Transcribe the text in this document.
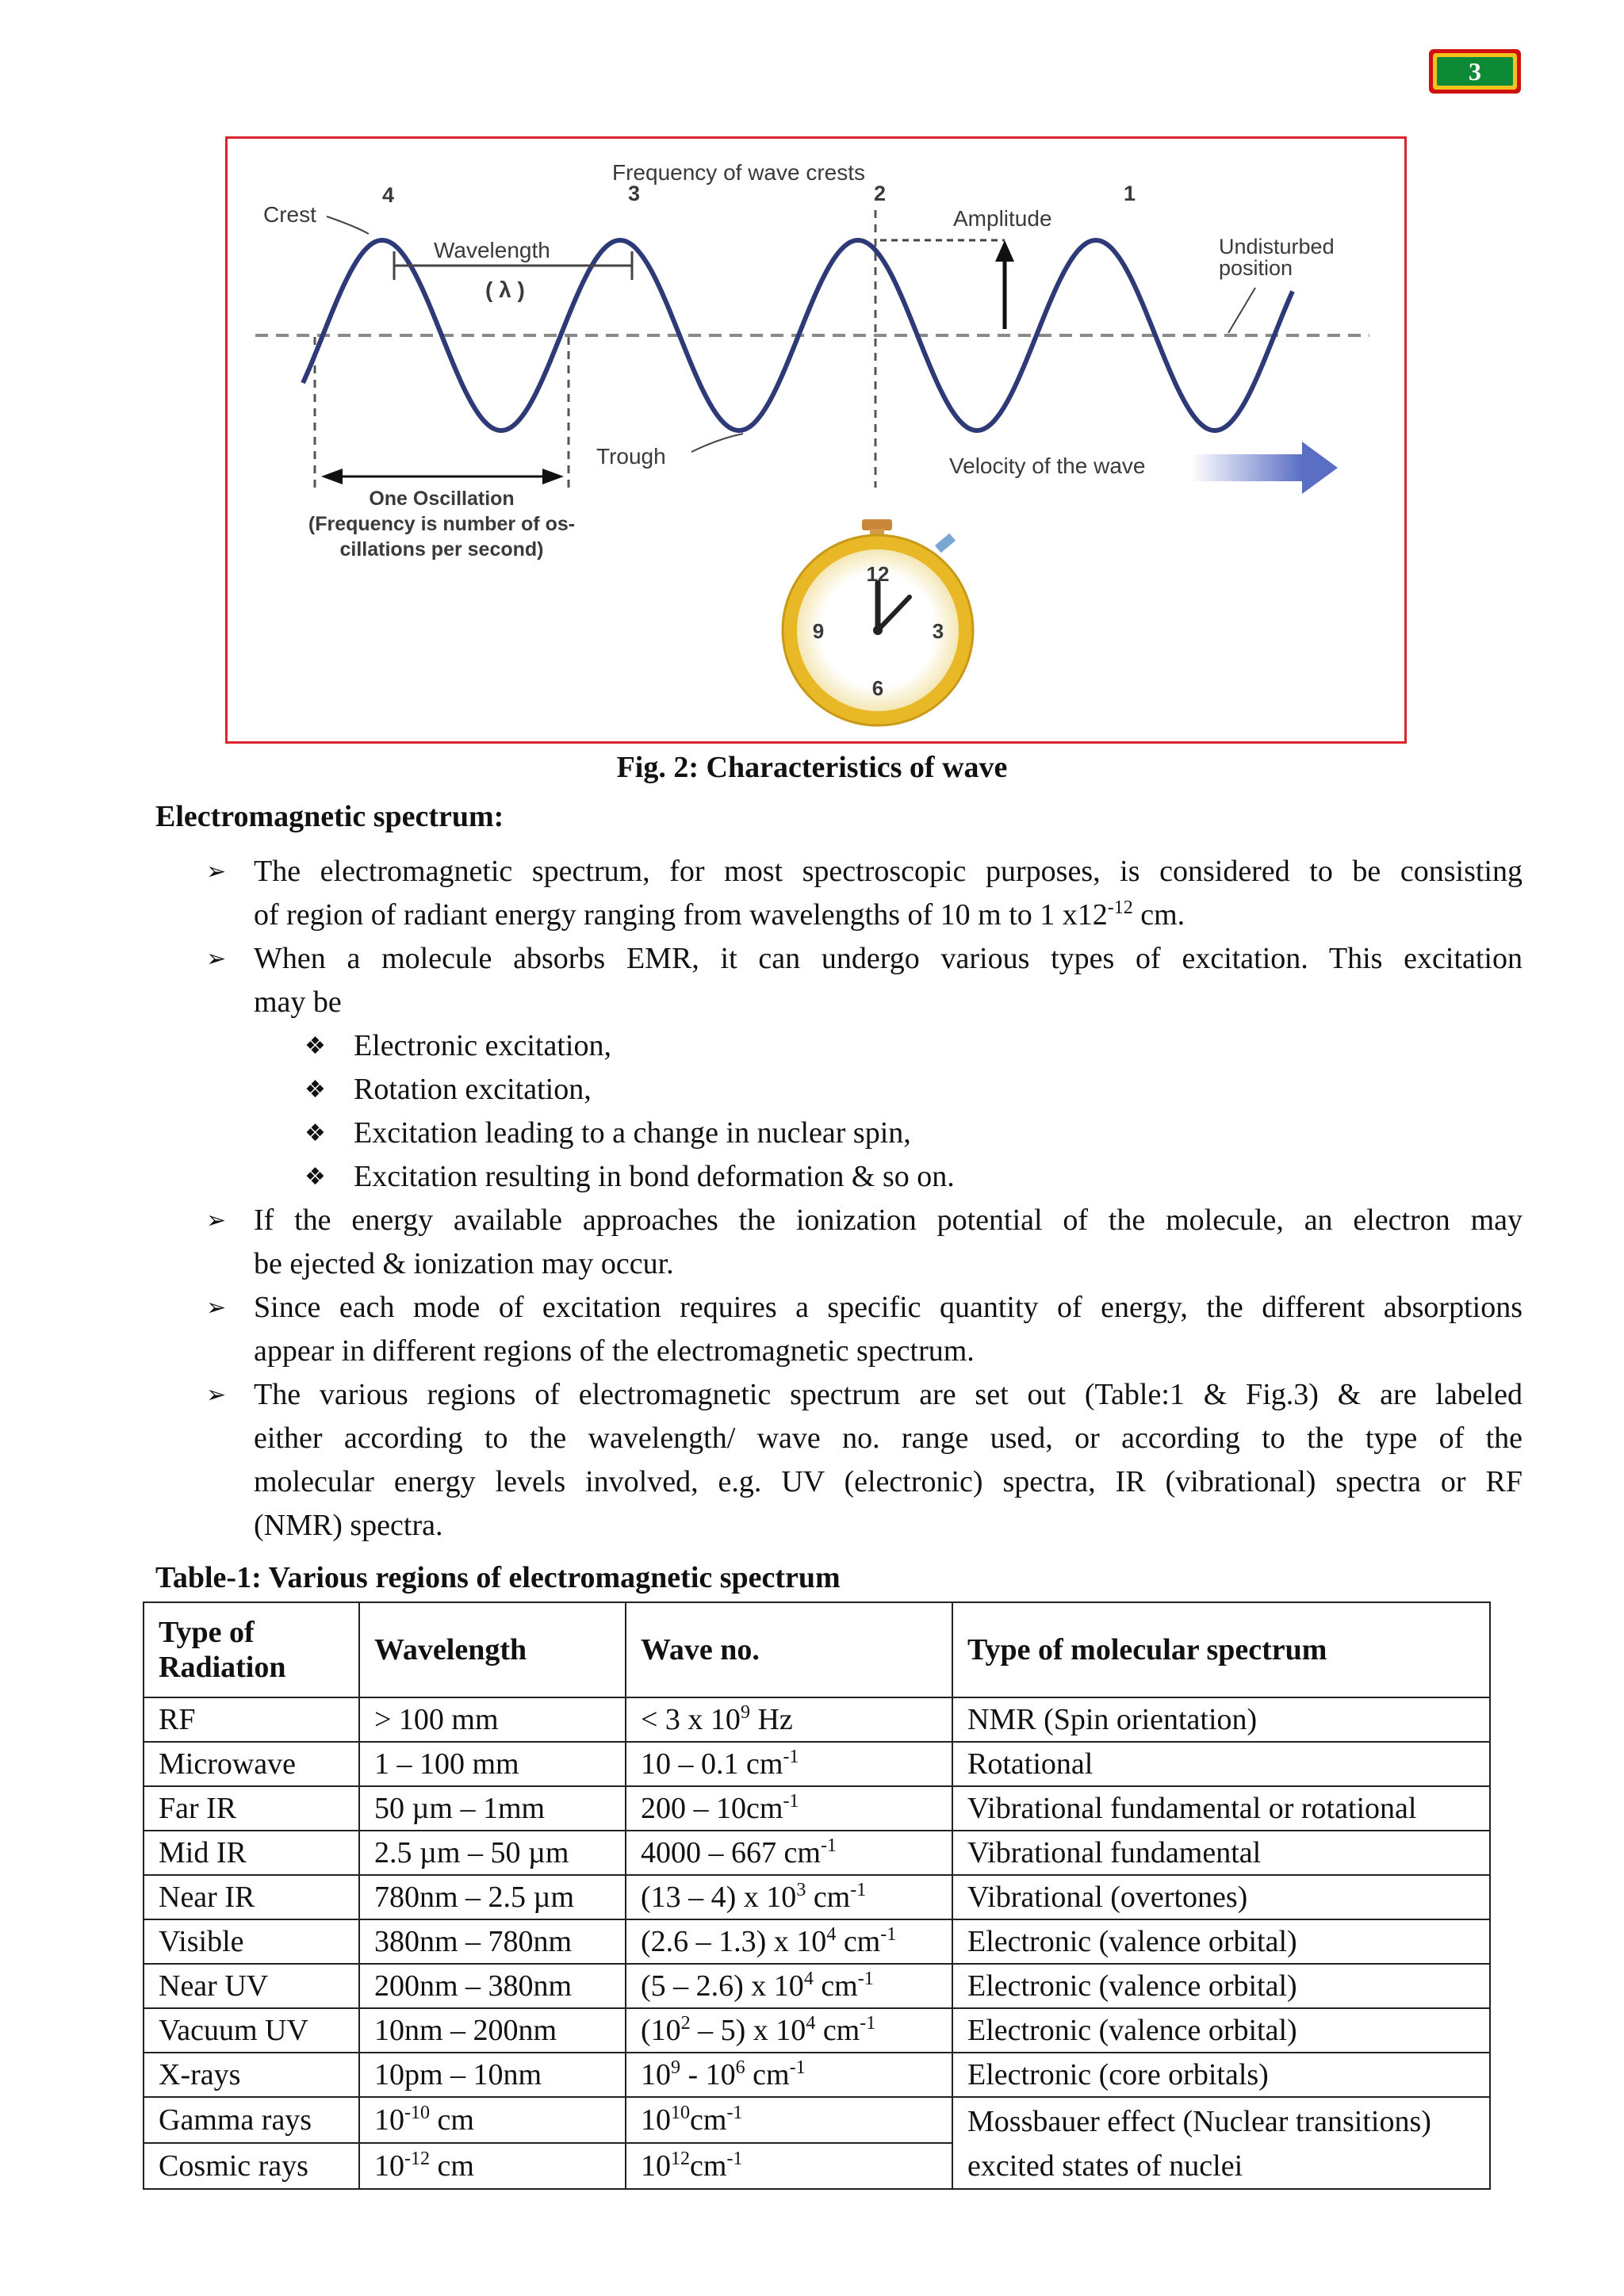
3
Frequency of wave crests
4	3	2	1
Crest
Wavelength
( λ )
Amplitude
Undisturbed
position
Trough
One Oscillation
(Frequency is number of os-
cillations per second)
Velocity of the wave
12
3
6
9
Fig. 2: Characteristics of wave
Electromagnetic spectrum:
➢ The electromagnetic spectrum, for most spectroscopic purposes, is considered to be consisting
of region of radiant energy ranging from wavelengths of 10 m to 1 $x12^{-12}$ cm.
➢ When a molecule absorbs EMR, it can undergo various types of excitation. This excitation
may be
❖ Electronic excitation,
❖ Rotation excitation,
❖ Excitation leading to a change in nuclear spin,
❖ Excitation resulting in bond deformation & so on.
➢ If the energy available approaches the ionization potential of the molecule, an electron may
be ejected & ionization may occur.
➢ Since each mode of excitation requires a specific quantity of energy, the different absorptions
appear in different regions of the electromagnetic spectrum.
➢ The various regions of electromagnetic spectrum are set out (Table:1 & Fig.3) & are labeled
either according to the wavelength/ wave no. range used, or according to the type of the
molecular energy levels involved, e.g. UV (electronic) spectra, IR (vibrational) spectra or RF
(NMR) spectra.
Table-1: Various regions of electromagnetic spectrum
Type of
Radiation	Wavelength	Wave no.	Type of molecular spectrum
RF	> 100 mm	< 3 x $10^9$ Hz	NMR (Spin orientation)
Microwave	1 – 100 mm	10 – 0.1 $cm^{-1}$	Rotational
Far IR	50 µm – 1mm	$200 - 10cm^{-1}$	Vibrational fundamental or rotational
Mid IR	2.5 µm – 50 µm	4000 – 667 $cm^{-1}$	Vibrational fundamental
Near IR	780nm – 2.5 µm	(13 – 4) x $10^3$ $cm^{-1}$	Vibrational (overtones)
Visible	380nm – 780nm	(2.6 – 1.3) x $10^4$ $cm^{-1}$	Electronic (valence orbital)
Near UV	200nm – 380nm	(5 – 2.6) x $10^4$ $cm^{-1}$	Electronic (valence orbital)
Vacuum UV	10nm – 200nm	$(10^2 - 5)$ x $10^4$ $cm^{-1}$	Electronic (valence orbital)
X-rays	10pm – 10nm	$10^9 - 10^6$ $cm^{-1}$	Electronic (core orbitals)
Gamma rays	$10^{-10}$ cm	$10^{10}cm^{-1}$	Mossbauer effect (Nuclear transitions)
excited states of nuclei
Cosmic rays	$10^{-12}$ cm	$10^{12}cm^{-1}$
